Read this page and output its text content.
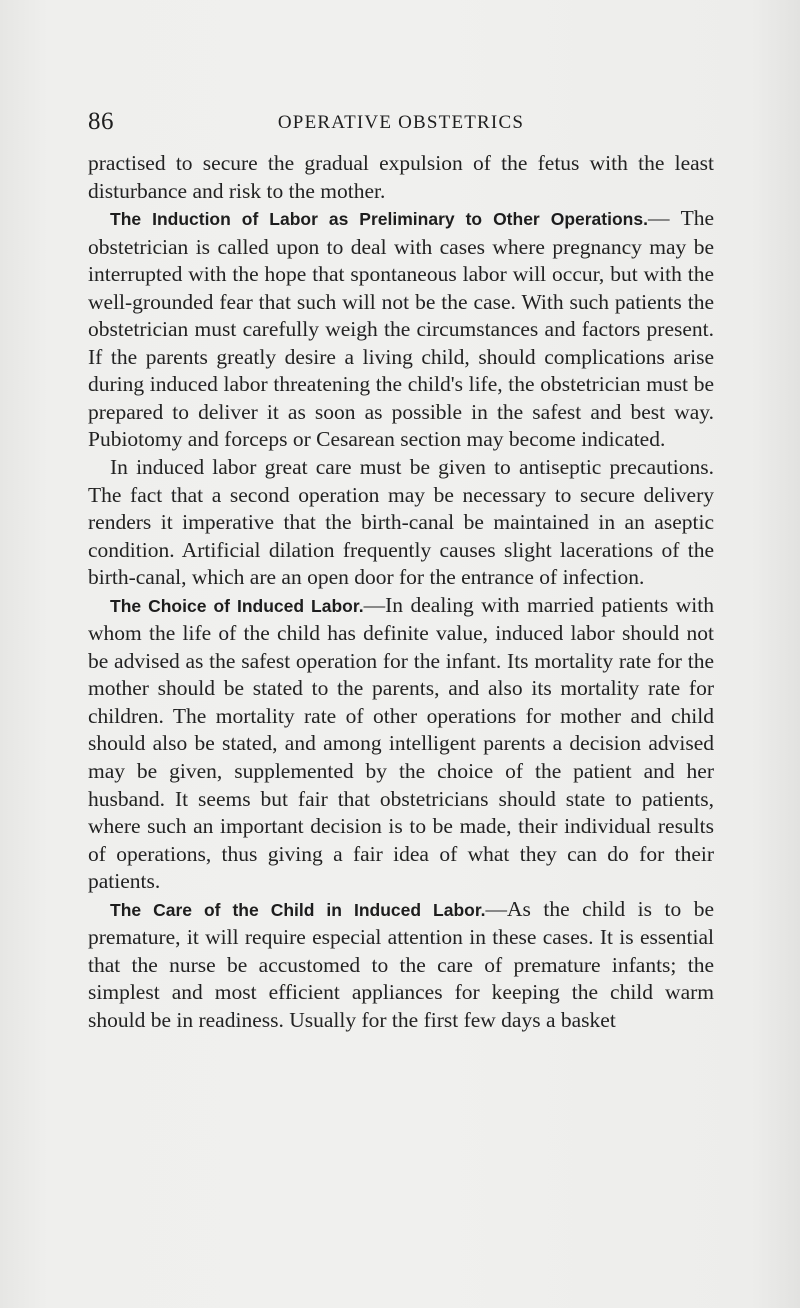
86	OPERATIVE OBSTETRICS

practised to secure the gradual expulsion of the fetus with the least disturbance and risk to the mother.

The Induction of Labor as Preliminary to Other Operations.— The obstetrician is called upon to deal with cases where pregnancy may be interrupted with the hope that spontaneous labor will occur, but with the well-grounded fear that such will not be the case. With such patients the obstetrician must carefully weigh the circumstances and factors present. If the parents greatly desire a living child, should complications arise during induced labor threatening the child's life, the obstetrician must be prepared to deliver it as soon as possible in the safest and best way. Pubiotomy and forceps or Cesarean section may become indicated.

In induced labor great care must be given to antiseptic precautions. The fact that a second operation may be necessary to secure delivery renders it imperative that the birth-canal be maintained in an aseptic condition. Artificial dilation frequently causes slight lacerations of the birth-canal, which are an open door for the entrance of infection.

The Choice of Induced Labor.—In dealing with married patients with whom the life of the child has definite value, induced labor should not be advised as the safest operation for the infant. Its mortality rate for the mother should be stated to the parents, and also its mortality rate for children. The mortality rate of other operations for mother and child should also be stated, and among intelligent parents a decision advised may be given, supplemented by the choice of the patient and her husband. It seems but fair that obstetricians should state to patients, where such an important decision is to be made, their individual results of operations, thus giving a fair idea of what they can do for their patients.

The Care of the Child in Induced Labor.—As the child is to be premature, it will require especial attention in these cases. It is essential that the nurse be accustomed to the care of premature infants; the simplest and most efficient appliances for keeping the child warm should be in readiness. Usually for the first few days a basket
